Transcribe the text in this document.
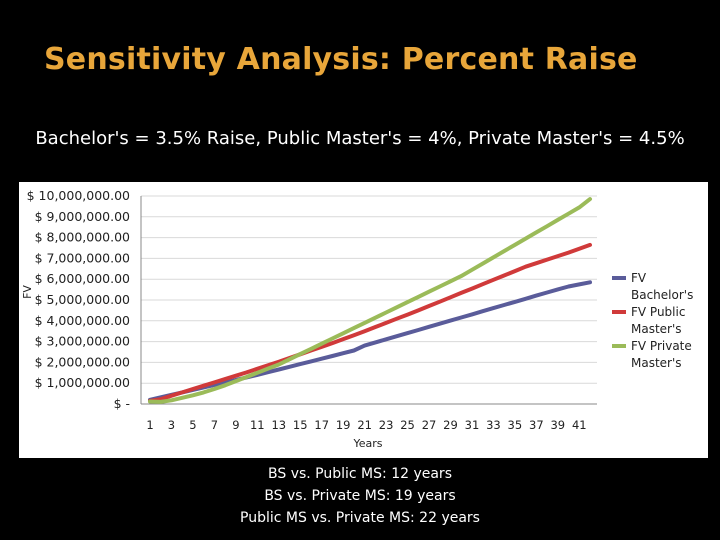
Sensitivity Analysis: Percent Raise
Bachelor's = 3.5% Raise, Public Master's = 4%, Private Master's = 4.5%
$ -
$ 1,000,000.00
$ 2,000,000.00
$ 3,000,000.00
$ 4,000,000.00
$ 5,000,000.00
$ 6,000,000.00
$ 7,000,000.00
$ 8,000,000.00
$ 9,000,000.00
$ 10,000,000.00
1 3 5 7 9 11 13 15 17 19 21 23 25 27 29 31 33 35 37 39 41
Years
FV
FV Bachelor's
FV Public Master's
FV Private Master's
BS vs. Public MS: 12 years
BS vs. Private MS: 19 years
Public MS vs. Private MS: 22 years
